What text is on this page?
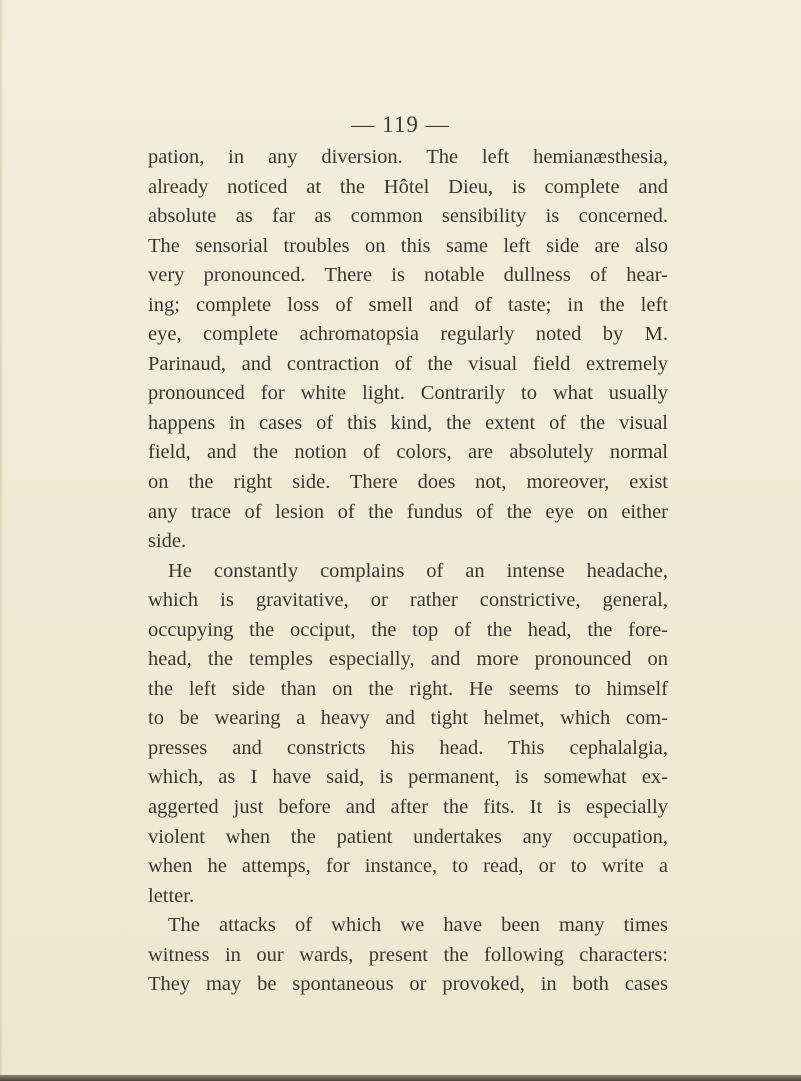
— 119 —
pation, in any diversion. The left hemianæsthesia,
already noticed at the Hôtel Dieu, is complete and
absolute as far as common sensibility is concerned.
The sensorial troubles on this same left side are also
very pronounced. There is notable dullness of hear-
ing; complete loss of smell and of taste; in the left
eye, complete achromatopsia regularly noted by M.
Parinaud, and contraction of the visual field extremely
pronounced for white light. Contrarily to what usually
happens in cases of this kind, the extent of the visual
field, and the notion of colors, are absolutely normal
on the right side. There does not, moreover, exist
any trace of lesion of the fundus of the eye on either
side.
He constantly complains of an intense headache,
which is gravitative, or rather constrictive, general,
occupying the occiput, the top of the head, the fore-
head, the temples especially, and more pronounced on
the left side than on the right. He seems to himself
to be wearing a heavy and tight helmet, which com-
presses and constricts his head. This cephalalgia,
which, as I have said, is permanent, is somewhat ex-
aggerted just before and after the fits. It is especially
violent when the patient undertakes any occupation,
when he attemps, for instance, to read, or to write a
letter.
The attacks of which we have been many times
witness in our wards, present the following characters:
They may be spontaneous or provoked, in both cases
